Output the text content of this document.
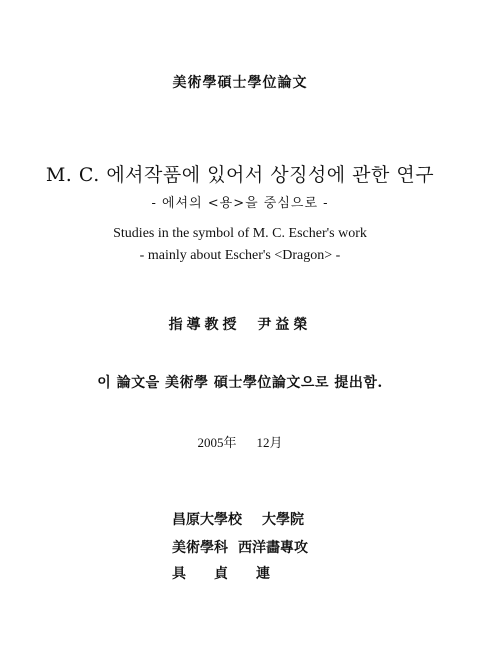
美術學碩士學位論文
M. C. 에셔작품에 있어서 상징성에 관한 연구
- 에셔의 <용>을 중심으로 -
Studies in the symbol of M. C. Escher's work
- mainly about Escher's <Dragon> -
指導教授 尹益榮
이 論文을 美術學 碩士學位論文으로 提出함.
2005年 12月
昌原大學校 大學院
美術學科 西洋畵專攻
具貞連
